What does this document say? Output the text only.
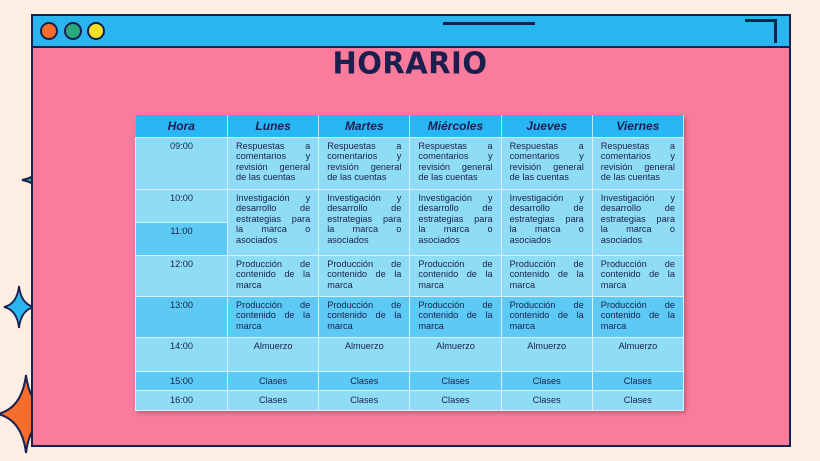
HORARIO
Hora	Lunes	Martes	Miércoles	Jueves	Viernes
09:00	Respuestas a comentarios y revisión general de las cuentas	Respuestas a comentarios y revisión general de las cuentas	Respuestas a comentarios y revisión general de las cuentas	Respuestas a comentarios y revisión general de las cuentas	Respuestas a comentarios y revisión general de las cuentas
10:00	Investigación y desarrollo de estrategias para la marca o asociados	Investigación y desarrollo de estrategias para la marca o asociados	Investigación y desarrollo de estrategias para la marca o asociados	Investigación y desarrollo de estrategias para la marca o asociados	Investigación y desarrollo de estrategias para la marca o asociados
11:00					
12:00	Producción de contenido de la marca	Producción de contenido de la marca	Producción de contenido de la marca	Producción de contenido de la marca	Producción de contenido de la marca
13:00	Producción de contenido de la marca	Producción de contenido de la marca	Producción de contenido de la marca	Producción de contenido de la marca	Producción de contenido de la marca
14:00	Almuerzo	Almuerzo	Almuerzo	Almuerzo	Almuerzo
15:00	Clases	Clases	Clases	Clases	Clases
16:00	Clases	Clases	Clases	Clases	Clases
